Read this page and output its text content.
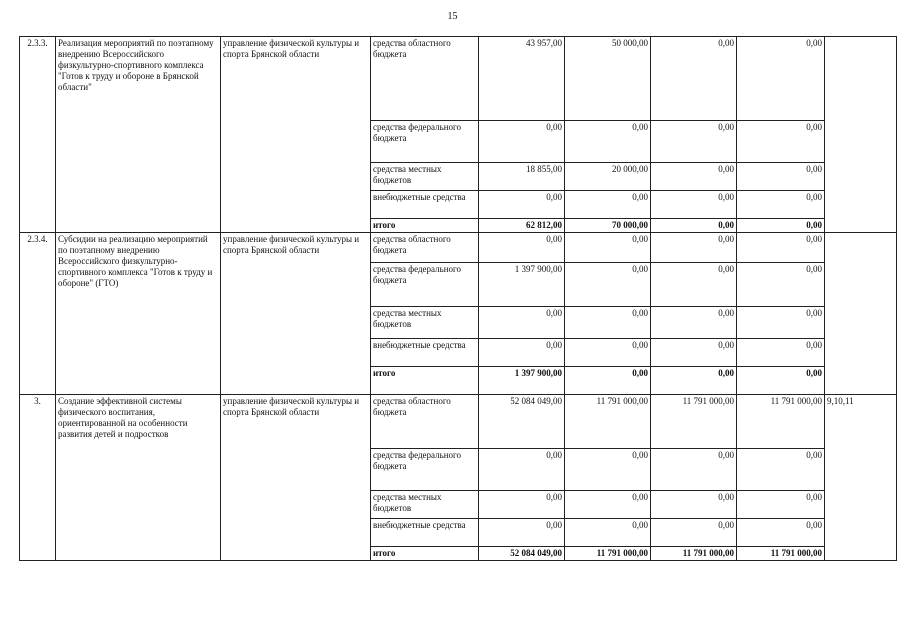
15
2.3.3.	Реализация мероприятий по поэтапному внедрению Всероссийского физкультурно-спортивного комплекса "Готов к труду и обороне в Брянской области"	управление физической культуры и спорта Брянской области	средства областного бюджета	43 957,00	50 000,00	0,00	0,00	
			средства федерального бюджета	0,00	0,00	0,00	0,00	
			средства местных бюджетов	18 855,00	20 000,00	0,00	0,00	
			внебюджетные средства	0,00	0,00	0,00	0,00	
			итого	62 812,00	70 000,00	0,00	0,00	
2.3.4.	Субсидии на реализацию мероприятий по поэтапному внедрению Всероссийского физкультурно-спортивного комплекса "Готов к труду и обороне" (ГТО)	управление физической культуры и спорта Брянской области	средства областного бюджета	0,00	0,00	0,00	0,00	
			средства федерального бюджета	1 397 900,00	0,00	0,00	0,00	
			средства местных бюджетов	0,00	0,00	0,00	0,00	
			внебюджетные средства	0,00	0,00	0,00	0,00	
			итого	1 397 900,00	0,00	0,00	0,00	
3.	Создание эффективной системы физического воспитания, ориентированной на особенности развития детей и подростков	управление физической культуры и спорта Брянской области	средства областного бюджета	52 084 049,00	11 791 000,00	11 791 000,00	11 791 000,00	9,10,11
			средства федерального бюджета	0,00	0,00	0,00	0,00	
			средства местных бюджетов	0,00	0,00	0,00	0,00	
			внебюджетные средства	0,00	0,00	0,00	0,00	
			итого	52 084 049,00	11 791 000,00	11 791 000,00	11 791 000,00	
